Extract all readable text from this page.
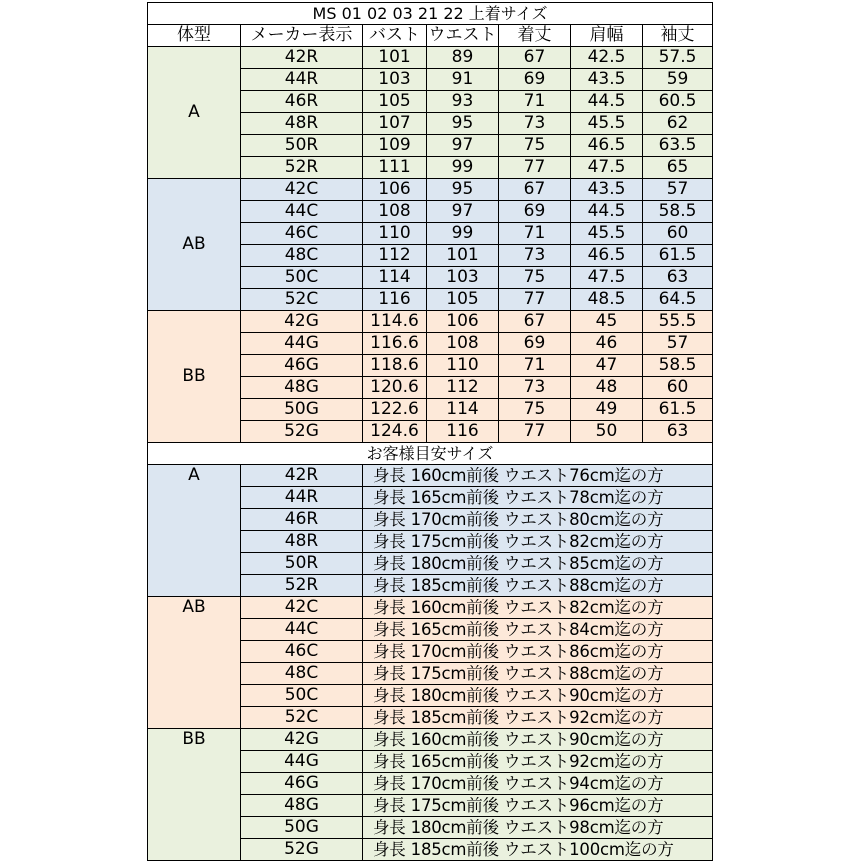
MS 01 02 03 21 22 上着サイズ						
体型	メーカー表示	バスト	ウエスト	着丈	肩幅	袖丈

A	42R	101	89	67	42.5	57.5
	44R	103	91	69	43.5	59
	46R	105	93	71	44.5	60.5
	48R	107	95	73	45.5	62
	50R	109	97	75	46.5	63.5
	52R	111	99	77	47.5	65

AB	42C	106	95	67	43.5	57
	44C	108	97	69	44.5	58.5
	46C	110	99	71	45.5	60
	48C	112	101	73	46.5	61.5
	50C	114	103	75	47.5	63
	52C	116	105	77	48.5	64.5

BB	42G	114.6	106	67	45	55.5
	44G	116.6	108	69	46	57
	46G	118.6	110	71	47	58.5
	48G	120.6	112	73	48	60
	50G	122.6	114	75	49	61.5
	52G	124.6	116	77	50	63
お客様目安サイズ						

A	42R	身長 160cm前後 ウエスト76cm迄の方				
	44R	身長 165cm前後 ウエスト78cm迄の方				
	46R	身長 170cm前後 ウエスト80cm迄の方				
	48R	身長 175cm前後 ウエスト82cm迄の方				
	50R	身長 180cm前後 ウエスト85cm迄の方				
	52R	身長 185cm前後 ウエスト88cm迄の方				

AB	42C	身長 160cm前後 ウエスト82cm迄の方				
	44C	身長 165cm前後 ウエスト84cm迄の方				
	46C	身長 170cm前後 ウエスト86cm迄の方				
	48C	身長 175cm前後 ウエスト88cm迄の方				
	50C	身長 180cm前後 ウエスト90cm迄の方				
	52C	身長 185cm前後 ウエスト92cm迄の方				

BB	42G	身長 160cm前後 ウエスト90cm迄の方				
	44G	身長 165cm前後 ウエスト92cm迄の方				
	46G	身長 170cm前後 ウエスト94cm迄の方				
	48G	身長 175cm前後 ウエスト96cm迄の方				
	50G	身長 180cm前後 ウエスト98cm迄の方				
	52G	身長 185cm前後 ウエスト100cm迄の方				
